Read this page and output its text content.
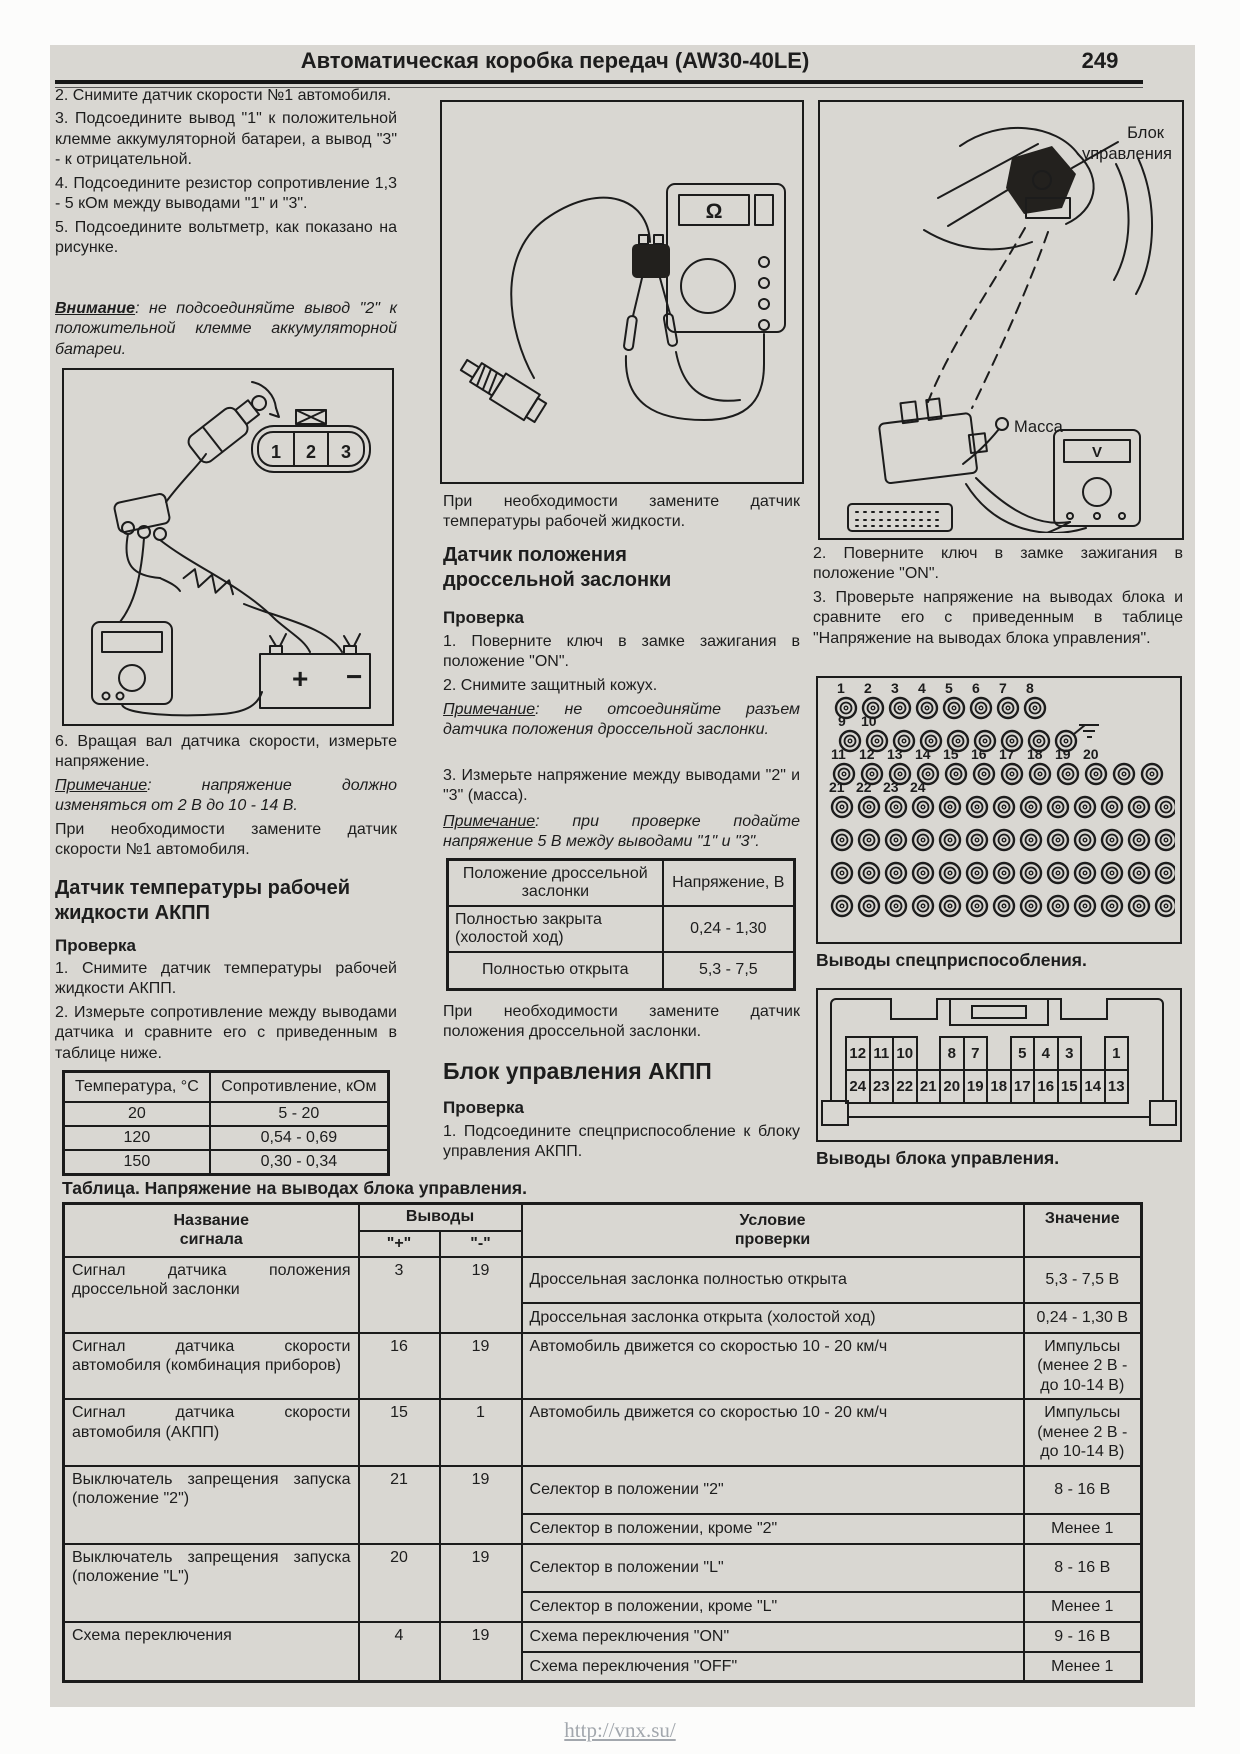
Автоматическая коробка передач (AW30-40LE)	249

2. Снимите датчик скорости №1 автомобиля.

3. Подсоедините вывод "1" к положительной клемме аккумуляторной батареи, а вывод "3" - к отрицательной.

4. Подсоедините резистор сопротивление 1,3 - 5 кОм между выводами "1" и "3".

5. Подсоедините вольтметр, как показано на рисунке.

Внимание: не подсоединяйте вывод "2" к положительной клемме аккумуляторной батареи.
1 2 3
+ −

6. Вращая вал датчика скорости, измерьте напряжение.

Примечание: напряжение должно изменяться от 2 В до 10 - 14 В.

При необходимости замените датчик скорости №1 автомобиля.

Датчик температуры рабочей жидкости АКПП
Проверка

1. Снимите датчик температуры рабочей жидкости АКПП.

2. Измерьте сопротивление между выводами датчика и сравните его с приведенным в таблице ниже.

Температура, °С	Сопротивление, кОм
20	5 - 20
120	0,54 - 0,69
150	0,30 - 0,34
Ω

При необходимости замените датчик температуры рабочей жидкости.

Датчик положения дроссельной заслонки
Проверка

1. Поверните ключ в замке зажигания в положение "ON".

2. Снимите защитный кожух.

Примечание: не отсоединяйте разъем датчика положения дроссельной заслонки.

3. Измерьте напряжение между выводами "2" и "3" (масса).

Примечание: при проверке подайте напряжение 5 В между выводами "1" и "3".
Положение дроссельной заслонки	Напряжение, В
Полностью закрыта (холостой ход)	0,24 - 1,30
Полностью открыта	5,3 - 7,5

При необходимости замените датчик положения дроссельной заслонки.

Блок управления АКПП
Проверка

1. Подсоедините спецприспособление к блоку управления АКПП.

Блок
управления
Масса
V

2. Поверните ключ в замке зажигания в положение "ON".

3. Проверьте напряжение на выводах блока и сравните его с приведенным в таблице "Напряжение на выводах блока управления".

1 2 3 4 5 6 7 8
9 10
11 12 13 14 15 16 17 18 19 20
21 22 23 24
Выводы спецприспособления.
12 11 10	8	7	5	4	3	1
24 23 22 21 20 19 18 17 16 15 14 13
Выводы блока управления.
Таблица. Напряжение на выводах блока управления.
Название
сигнала
	Выводы	Условие
проверки
	Значение
	"+"	"-"		
Сигнал датчика положения дроссельной заслонки	3	19	Дроссельная заслонка полностью открыта	5,3 - 7,5 В
			Дроссельная заслонка открыта (холостой ход)	0,24 - 1,30 В
Сигнал датчика скорости автомобиля (комбинация приборов)	16	19	Автомобиль движется со скоростью 10 - 20 км/ч	Импульсы (менее 2 В - до 10-14 В)
Сигнал датчика скорости автомобиля (АКПП)	15	1	Автомобиль движется со скоростью 10 - 20 км/ч	Импульсы (менее 2 В - до 10-14 В)
Выключатель запрещения запуска (положение "2")	21	19	Селектор в положении "2"	8 - 16 В
			Селектор в положении, кроме "2"	Менее 1
Выключатель запрещения запуска (положение "L")	20	19	Селектор в положении "L"	8 - 16 В
			Селектор в положении, кроме "L"	Менее 1
Схема переключения	4	19	Схема переключения "ON"	9 - 16 В
			Схема переключения "OFF"	Менее 1
http://vnx.su/
